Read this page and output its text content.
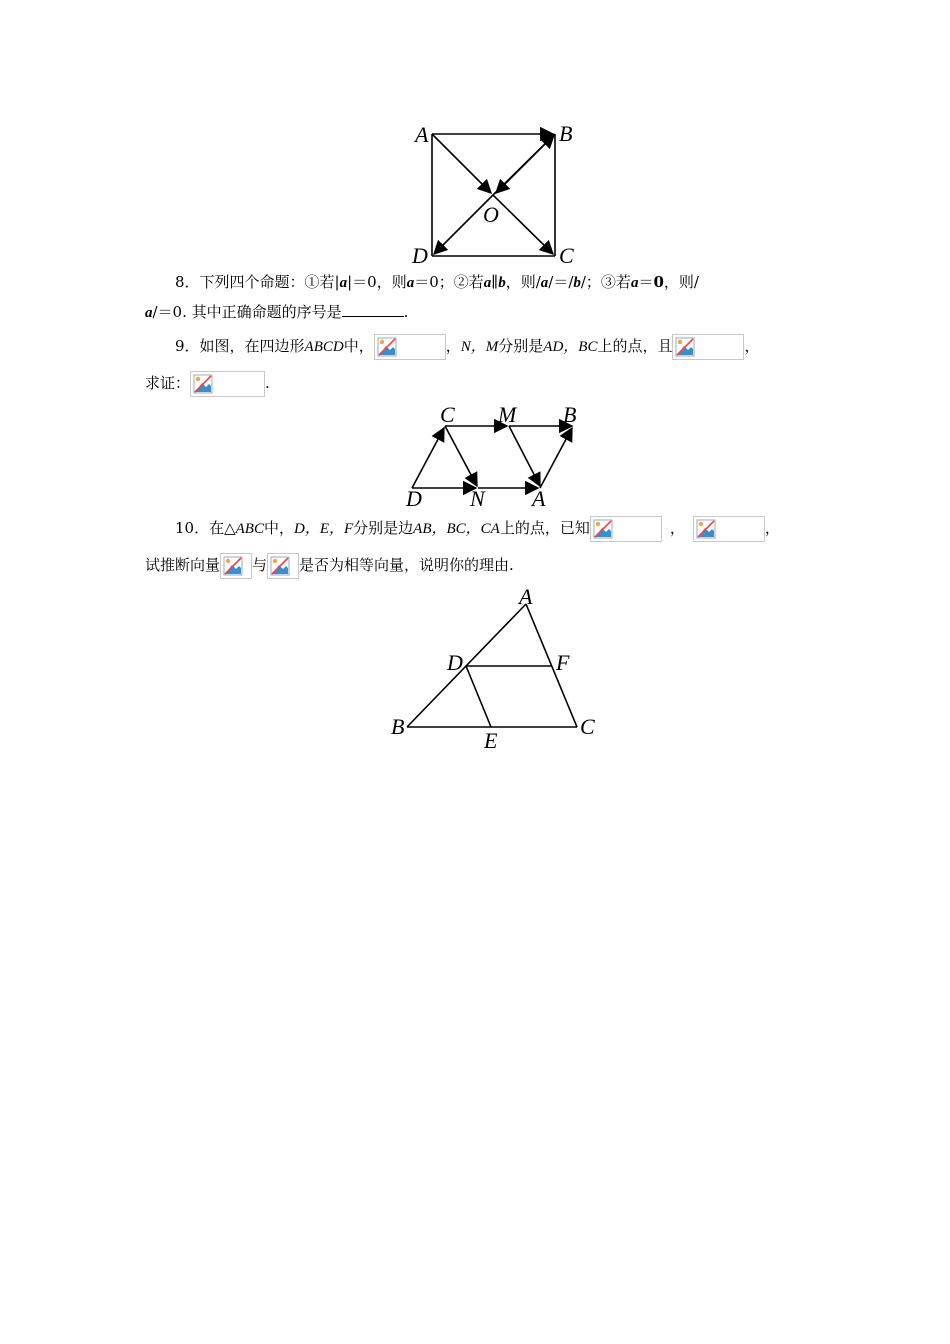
A	B
O
D	C
8．下列四个命题：①若|a|＝0，则a＝0；②若a∥b，则/a/＝/b/；③若a＝0，则/
a/＝0. 其中正确命题的序号是	.
9．如图，在四边形ABCD中，	，N，M分别是AD，BC上的点，且	，
求证：	.
C M B
D N A
10．在△ABC中，D，E，F分别是边AB，BC，CA上的点，已知	，	，
试推断向量 与 是否为相等向量，说明你的理由.
A
D	F
B
E
C
